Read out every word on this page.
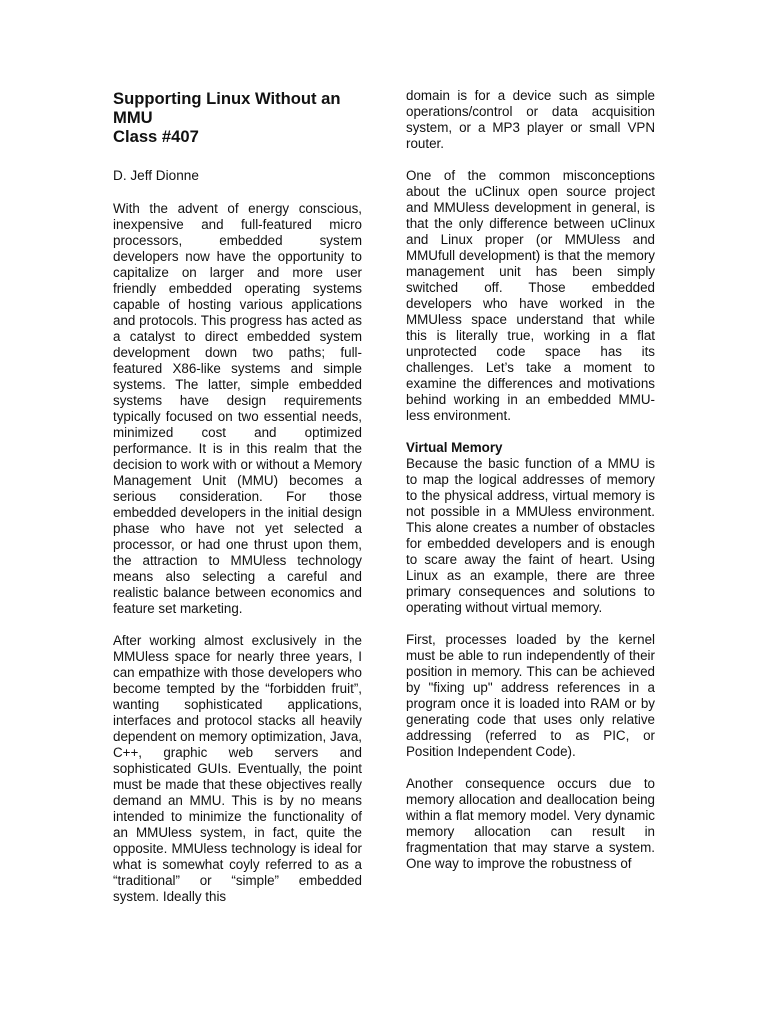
Supporting Linux Without an MMU
Class #407

D. Jeff Dionne

With the advent of energy conscious, inexpensive and full-featured micro processors, embedded system developers now have the opportunity to capitalize on larger and more user friendly embedded operating systems capable of hosting various applications and protocols. This progress has acted as a catalyst to direct embedded system development down two paths; full-featured X86-like systems and simple systems. The latter, simple embedded systems have design requirements typically focused on two essential needs, minimized cost and optimized performance. It is in this realm that the decision to work with or without a Memory Management Unit (MMU) becomes a serious consideration. For those embedded developers in the initial design phase who have not yet selected a processor, or had one thrust upon them, the attraction to MMUless technology means also selecting a careful and realistic balance between economics and feature set marketing.

After working almost exclusively in the MMUless space for nearly three years, I can empathize with those developers who become tempted by the “forbidden fruit”, wanting sophisticated applications, interfaces and protocol stacks all heavily dependent on memory optimization, Java, C++, graphic web servers and sophisticated GUIs. Eventually, the point must be made that these objectives really demand an MMU. This is by no means intended to minimize the functionality of an MMUless system, in fact, quite the opposite. MMUless technology is ideal for what is somewhat coyly referred to as a “traditional” or “simple” embedded system. Ideally this

domain is for a device such as simple operations/control or data acquisition system, or a MP3 player or small VPN router.

One of the common misconceptions about the uClinux open source project and MMUless development in general, is that the only difference between uClinux and Linux proper (or MMUless and MMUfull development) is that the memory management unit has been simply switched off. Those embedded developers who have worked in the MMUless space understand that while this is literally true, working in a flat unprotected code space has its challenges. Let’s take a moment to examine the differences and motivations behind working in an embedded MMU-less environment.

Virtual Memory

Because the basic function of a MMU is to map the logical addresses of memory to the physical address, virtual memory is not possible in a MMUless environment. This alone creates a number of obstacles for embedded developers and is enough to scare away the faint of heart. Using Linux as an example, there are three primary consequences and solutions to operating without virtual memory.

First, processes loaded by the kernel must be able to run independently of their position in memory. This can be achieved by "fixing up" address references in a program once it is loaded into RAM or by generating code that uses only relative addressing (referred to as PIC, or Position Independent Code).

Another consequence occurs due to memory allocation and deallocation being within a flat memory model. Very dynamic memory allocation can result in fragmentation that may starve a system. One way to improve the robustness of
